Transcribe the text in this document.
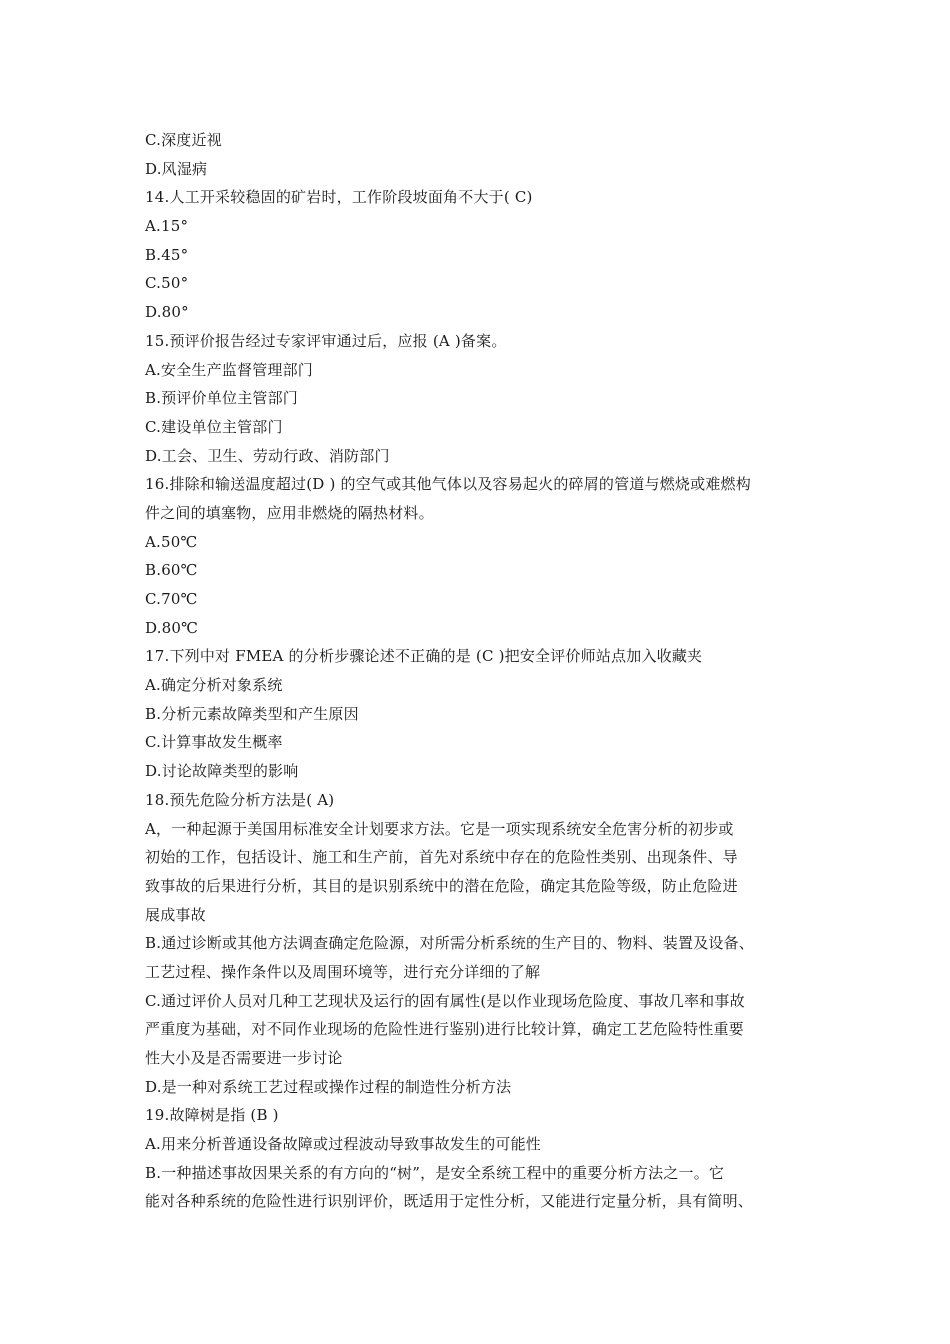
C.深度近视
D.风湿病
14.人工开采较稳固的矿岩时，工作阶段坡面角不大于( C)
A.15°
B.45°
C.50°
D.80°
15.预评价报告经过专家评审通过后，应报 (A )备案。
A.安全生产监督管理部门
B.预评价单位主管部门
C.建设单位主管部门
D.工会、卫生、劳动行政、消防部门
16.排除和输送温度超过(D ) 的空气或其他气体以及容易起火的碎屑的管道与燃烧或难燃构
件之间的填塞物，应用非燃烧的隔热材料。
A.50℃
B.60℃
C.70℃
D.80℃
17.下列中对 FMEA 的分析步骤论述不正确的是 (C )把安全评价师站点加入收藏夹
A.确定分析对象系统
B.分析元素故障类型和产生原因
C.计算事故发生概率
D.讨论故障类型的影响
18.预先危险分析方法是( A)
A，一种起源于美国用标准安全计划要求方法。它是一项实现系统安全危害分析的初步或
初始的工作，包括设计、施工和生产前，首先对系统中存在的危险性类别、出现条件、导
致事故的后果进行分析，其目的是识别系统中的潜在危险，确定其危险等级，防止危险进
展成事故
B.通过诊断或其他方法调查确定危险源，对所需分析系统的生产目的、物料、装置及设备、
工艺过程、操作条件以及周围环境等，进行充分详细的了解
C.通过评价人员对几种工艺现状及运行的固有属性(是以作业现场危险度、事故几率和事故
严重度为基础，对不同作业现场的危险性进行鉴别)进行比较计算，确定工艺危险特性重要
性大小及是否需要进一步讨论
D.是一种对系统工艺过程或操作过程的制造性分析方法
19.故障树是指 (B )
A.用来分析普通设备故障或过程波动导致事故发生的可能性
B.一种描述事故因果关系的有方向的“树”，是安全系统工程中的重要分析方法之一。它
能对各种系统的危险性进行识别评价，既适用于定性分析，又能进行定量分析，具有简明、
